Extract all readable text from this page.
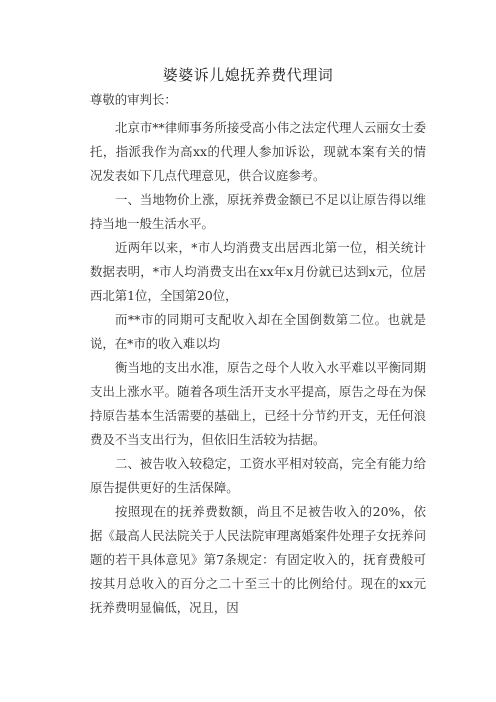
婆婆诉儿媳抚养费代理词

尊敬的审判长：

北京市**律师事务所接受高小伟之法定代理人云丽女士委托，指派我作为高xx的代理人参加诉讼，现就本案有关的情况发表如下几点代理意见，供合议庭参考。

一、当地物价上涨，原抚养费金额已不足以让原告得以维持当地一般生活水平。

近两年以来，*市人均消费支出居西北第一位，相关统计数据表明，*市人均消费支出在xx年x月份就已达到x元，位居西北第1位，全国第20位，

而**市的同期可支配收入却在全国倒数第二位。也就是说，在*市的收入难以均

衡当地的支出水准，原告之母个人收入水平难以平衡同期支出上涨水平。随着各项生活开支水平提高，原告之母在为保持原告基本生活需要的基础上，已经十分节约开支，无任何浪费及不当支出行为，但依旧生活较为拮据。

二、被告收入较稳定，工资水平相对较高，完全有能力给原告提供更好的生活保障。

按照现在的抚养费数额，尚且不足被告收入的20%，依据《最高人民法院关于人民法院审理离婚案件处理子女抚养问题的若干具体意见》第7条规定：有固定收入的，抚育费般可按其月总收入的百分之二十至三十的比例给付。现在的xx元抚养费明显偏低，况且，因
